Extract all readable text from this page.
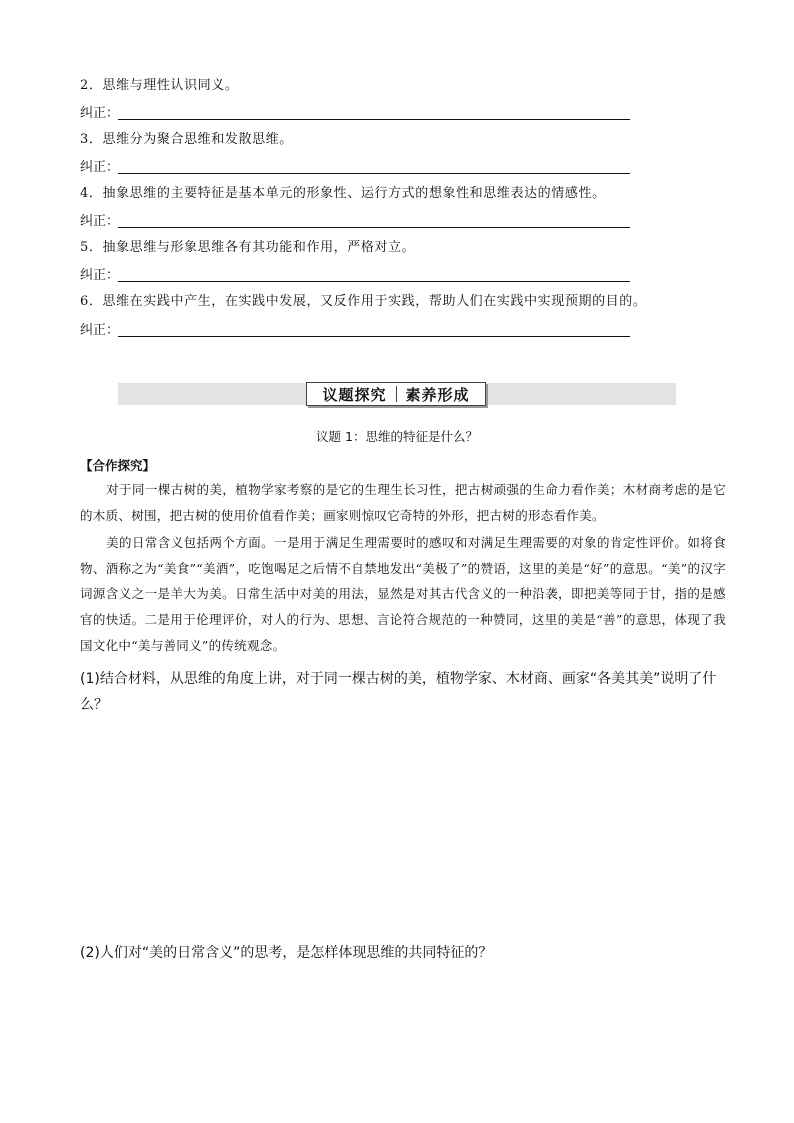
2．思维与理性认识同义。
纠正：
3．思维分为聚合思维和发散思维。
纠正：
4．抽象思维的主要特征是基本单元的形象性、运行方式的想象性和思维表达的情感性。
纠正：
5．抽象思维与形象思维各有其功能和作用，严格对立。
纠正：
6．思维在实践中产生，在实践中发展，又反作用于实践，帮助人们在实践中实现预期的目的。
纠正：
议题探究 素养形成
议题 1：思维的特征是什么？
【合作探究】
对于同一棵古树的美，植物学家考察的是它的生理生长习性，把古树顽强的生命力看作美；木材商考虑的是它的木质、树围，把古树的使用价值看作美；画家则惊叹它奇特的外形，把古树的形态看作美。
美的日常含义包括两个方面。一是用于满足生理需要时的感叹和对满足生理需要的对象的肯定性评价。如将食物、酒称之为“美食”“美酒”，吃饱喝足之后情不自禁地发出“美极了”的赞语，这里的美是“好”的意思。“美”的汉字词源含义之一是羊大为美。日常生活中对美的用法，显然是对其古代含义的一种沿袭，即把美等同于甘，指的是感官的快适。二是用于伦理评价，对人的行为、思想、言论符合规范的一种赞同，这里的美是“善”的意思，体现了我国文化中“美与善同义”的传统观念。
(1)结合材料，从思维的角度上讲，对于同一棵古树的美，植物学家、木材商、画家“各美其美”说明了什么？
(2)人们对“美的日常含义”的思考，是怎样体现思维的共同特征的？
